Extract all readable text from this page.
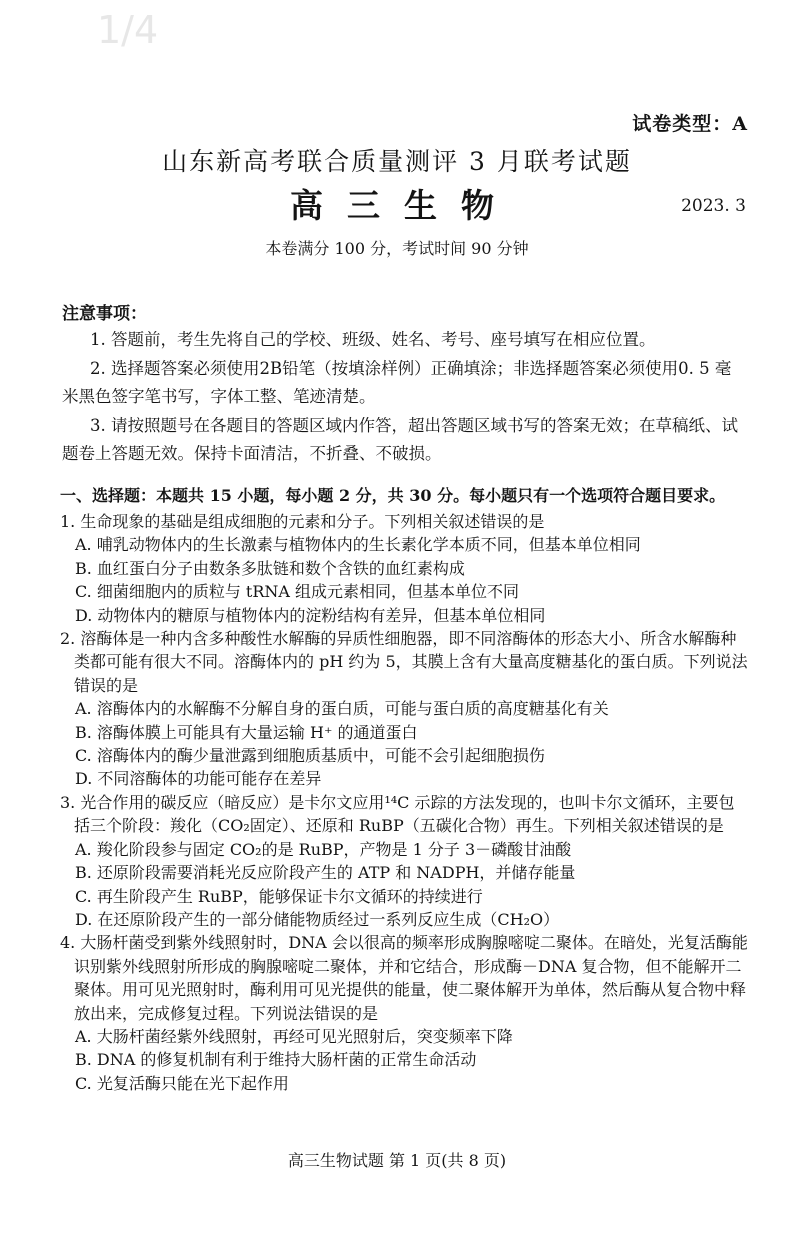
1/4
试卷类型：A
山东新高考联合质量测评 3 月联考试题
高三生物	2023. 3
本卷满分 100 分，考试时间 90 分钟
注意事项：

1. 答题前，考生先将自己的学校、班级、姓名、考号、座号填写在相应位置。

2. 选择题答案必须使用2B铅笔（按填涂样例）正确填涂；非选择题答案必须使用0. 5 毫米黑色签字笔书写，字体工整、笔迹清楚。

3. 请按照题号在各题目的答题区域内作答，超出答题区域书写的答案无效；在草稿纸、试题卷上答题无效。保持卡面清洁，不折叠、不破损。

一、选择题：本题共 15 小题，每小题 2 分，共 30 分。每小题只有一个选项符合题目要求。

1. 生命现象的基础是组成细胞的元素和分子。下列相关叙述错误的是

A. 哺乳动物体内的生长激素与植物体内的生长素化学本质不同，但基本单位相同

B. 血红蛋白分子由数条多肽链和数个含铁的血红素构成

C. 细菌细胞内的质粒与 tRNA 组成元素相同，但基本单位不同

D. 动物体内的糖原与植物体内的淀粉结构有差异，但基本单位相同

2. 溶酶体是一种内含多种酸性水解酶的异质性细胞器，即不同溶酶体的形态大小、所含水解酶种类都可能有很大不同。溶酶体内的 pH 约为 5，其膜上含有大量高度糖基化的蛋白质。下列说法错误的是

A. 溶酶体内的水解酶不分解自身的蛋白质，可能与蛋白质的高度糖基化有关

B. 溶酶体膜上可能具有大量运输 H⁺ 的通道蛋白

C. 溶酶体内的酶少量泄露到细胞质基质中，可能不会引起细胞损伤

D. 不同溶酶体的功能可能存在差异

3. 光合作用的碳反应（暗反应）是卡尔文应用¹⁴C 示踪的方法发现的，也叫卡尔文循环，主要包括三个阶段：羧化（CO₂固定）、还原和 RuBP（五碳化合物）再生。下列相关叙述错误的是

A. 羧化阶段参与固定 CO₂的是 RuBP，产物是 1 分子 3－磷酸甘油酸

B. 还原阶段需要消耗光反应阶段产生的 ATP 和 NADPH，并储存能量

C. 再生阶段产生 RuBP，能够保证卡尔文循环的持续进行

D. 在还原阶段产生的一部分储能物质经过一系列反应生成（CH₂O）

4. 大肠杆菌受到紫外线照射时，DNA 会以很高的频率形成胸腺嘧啶二聚体。在暗处，光复活酶能识别紫外线照射所形成的胸腺嘧啶二聚体，并和它结合，形成酶－DNA 复合物，但不能解开二聚体。用可见光照射时，酶利用可见光提供的能量，使二聚体解开为单体，然后酶从复合物中释放出来，完成修复过程。下列说法错误的是

A. 大肠杆菌经紫外线照射，再经可见光照射后，突变频率下降

B. DNA 的修复机制有利于维持大肠杆菌的正常生命活动

C. 光复活酶只能在光下起作用

高三生物试题 第 1 页(共 8 页)
